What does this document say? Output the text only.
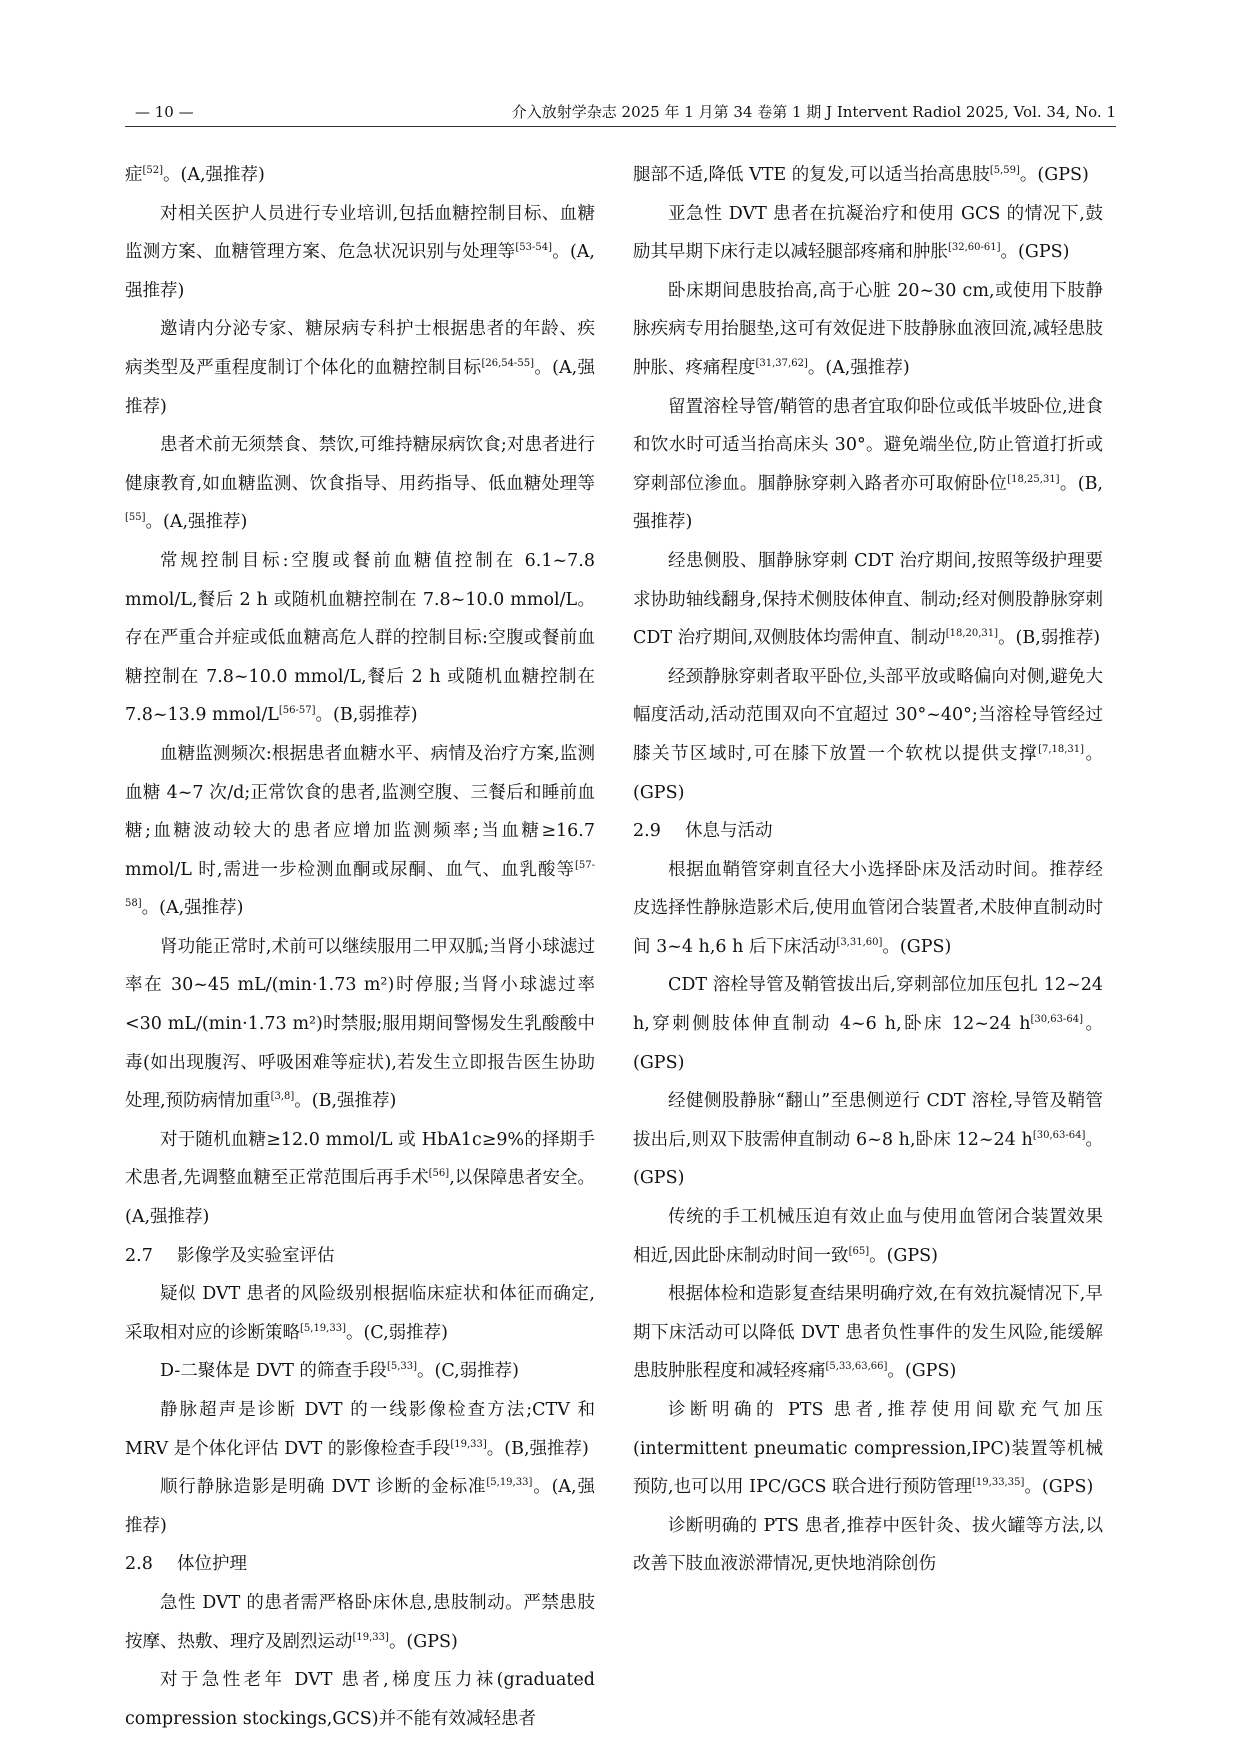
— 10 —	介入放射学杂志 2025 年 1 月第 34 卷第 1 期 J Intervent Radiol 2025, Vol. 34, No. 1

症[52]。(A,强推荐)

对相关医护人员进行专业培训,包括血糖控制目标、血糖监测方案、血糖管理方案、危急状况识别与处理等[53-54]。(A,强推荐)

邀请内分泌专家、糖尿病专科护士根据患者的年龄、疾病类型及严重程度制订个体化的血糖控制目标[26,54-55]。(A,强推荐)

患者术前无须禁食、禁饮,可维持糖尿病饮食;对患者进行健康教育,如血糖监测、饮食指导、用药指导、低血糖处理等[55]。(A,强推荐)

常规控制目标:空腹或餐前血糖值控制在 6.1~7.8 mmol/L,餐后 2 h 或随机血糖控制在 7.8~10.0 mmol/L。存在严重合并症或低血糖高危人群的控制目标:空腹或餐前血糖控制在 7.8~10.0 mmol/L,餐后 2 h 或随机血糖控制在 7.8~13.9 mmol/L[56-57]。(B,弱推荐)

血糖监测频次:根据患者血糖水平、病情及治疗方案,监测血糖 4~7 次/d;正常饮食的患者,监测空腹、三餐后和睡前血糖;血糖波动较大的患者应增加监测频率;当血糖≥16.7 mmol/L 时,需进一步检测血酮或尿酮、血气、血乳酸等[57-58]。(A,强推荐)

肾功能正常时,术前可以继续服用二甲双胍;当肾小球滤过率在 30~45 mL/(min·1.73 m²)时停服;当肾小球滤过率<30 mL/(min·1.73 m²)时禁服;服用期间警惕发生乳酸酸中毒(如出现腹泻、呼吸困难等症状),若发生立即报告医生协助处理,预防病情加重[3,8]。(B,强推荐)

对于随机血糖≥12.0 mmol/L 或 HbA1c≥9%的择期手术患者,先调整血糖至正常范围后再手术[56],以保障患者安全。(A,强推荐)

2.7 影像学及实验室评估

疑似 DVT 患者的风险级别根据临床症状和体征而确定,采取相对应的诊断策略[5,19,33]。(C,弱推荐)

D-二聚体是 DVT 的筛查手段[5,33]。(C,弱推荐)

静脉超声是诊断 DVT 的一线影像检查方法;CTV 和 MRV 是个体化评估 DVT 的影像检查手段[19,33]。(B,强推荐)

顺行静脉造影是明确 DVT 诊断的金标准[5,19,33]。(A,强推荐)

2.8 体位护理

急性 DVT 的患者需严格卧床休息,患肢制动。严禁患肢按摩、热敷、理疗及剧烈运动[19,33]。(GPS)

对于急性老年 DVT 患者,梯度压力袜(graduated compression stockings,GCS)并不能有效减轻患者

腿部不适,降低 VTE 的复发,可以适当抬高患肢[5,59]。(GPS)

亚急性 DVT 患者在抗凝治疗和使用 GCS 的情况下,鼓励其早期下床行走以减轻腿部疼痛和肿胀[32,60-61]。(GPS)

卧床期间患肢抬高,高于心脏 20~30 cm,或使用下肢静脉疾病专用抬腿垫,这可有效促进下肢静脉血液回流,减轻患肢肿胀、疼痛程度[31,37,62]。(A,强推荐)

留置溶栓导管/鞘管的患者宜取仰卧位或低半坡卧位,进食和饮水时可适当抬高床头 30°。避免端坐位,防止管道打折或穿刺部位渗血。腘静脉穿刺入路者亦可取俯卧位[18,25,31]。(B,强推荐)

经患侧股、腘静脉穿刺 CDT 治疗期间,按照等级护理要求协助轴线翻身,保持术侧肢体伸直、制动;经对侧股静脉穿刺 CDT 治疗期间,双侧肢体均需伸直、制动[18,20,31]。(B,弱推荐)

经颈静脉穿刺者取平卧位,头部平放或略偏向对侧,避免大幅度活动,活动范围双向不宜超过 30°~40°;当溶栓导管经过膝关节区域时,可在膝下放置一个软枕以提供支撑[7,18,31]。(GPS)

2.9 休息与活动

根据血鞘管穿刺直径大小选择卧床及活动时间。推荐经皮选择性静脉造影术后,使用血管闭合装置者,术肢伸直制动时间 3~4 h,6 h 后下床活动[3,31,60]。(GPS)

CDT 溶栓导管及鞘管拔出后,穿刺部位加压包扎 12~24 h,穿刺侧肢体伸直制动 4~6 h,卧床 12~24 h[30,63-64]。(GPS)

经健侧股静脉“翻山”至患侧逆行 CDT 溶栓,导管及鞘管拔出后,则双下肢需伸直制动 6~8 h,卧床 12~24 h[30,63-64]。(GPS)

传统的手工机械压迫有效止血与使用血管闭合装置效果相近,因此卧床制动时间一致[65]。(GPS)

根据体检和造影复查结果明确疗效,在有效抗凝情况下,早期下床活动可以降低 DVT 患者负性事件的发生风险,能缓解患肢肿胀程度和减轻疼痛[5,33,63,66]。(GPS)

诊断明确的 PTS 患者,推荐使用间歇充气加压(intermittent pneumatic compression,IPC)装置等机械预防,也可以用 IPC/GCS 联合进行预防管理[19,33,35]。(GPS)

诊断明确的 PTS 患者,推荐中医针灸、拔火罐等方法,以改善下肢血液淤滞情况,更快地消除创伤
